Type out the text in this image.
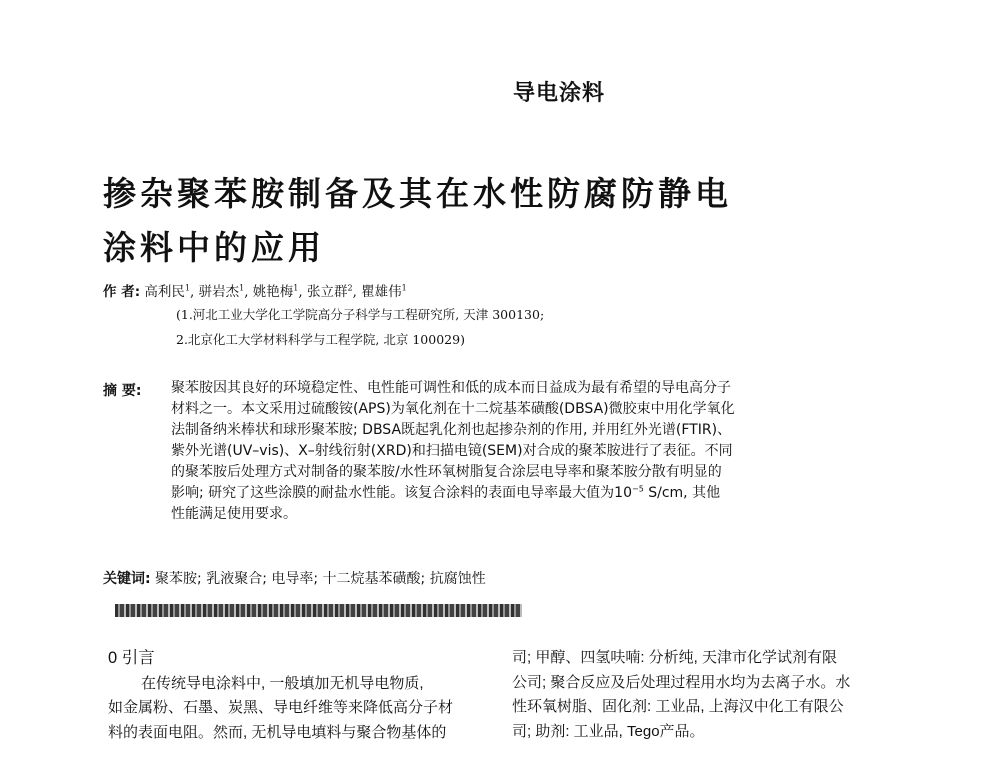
导电涂料
掺杂聚苯胺制备及其在水性防腐防静电
涂料中的应用
作 者: 高利民$^1$, 骈岩杰$^1$, 姚艳梅$^1$, 张立群$^2$, 瞿雄伟$^1$
(1.河北工业大学化工学院高分子科学与工程研究所, 天津 300130;
2.北京化工大学材料科学与工程学院, 北京 100029)
摘 要: 聚苯胺因其良好的环境稳定性、电性能可调性和低的成本而日益成为最有希望的导电高分子
材料之一。本文采用过硫酸铵(APS)为氧化剂在十二烷基苯磺酸(DBSA)微胶束中用化学氧化
法制备纳米棒状和球形聚苯胺; DBSA既起乳化剂也起掺杂剂的作用, 并用红外光谱(FTIR)、
紫外光谱(UV–vis)、X–射线衍射(XRD)和扫描电镜(SEM)对合成的聚苯胺进行了表征。不同
的聚苯胺后处理方式对制备的聚苯胺/水性环氧树脂复合涂层电导率和聚苯胺分散有明显的
影响; 研究了这些涂膜的耐盐水性能。该复合涂料的表面电导率最大值为$10^{-5}$ S/cm, 其他
性能满足使用要求。
关键词: 聚苯胺; 乳液聚合; 电导率; 十二烷基苯磺酸; 抗腐蚀性
0 引言
在传统导电涂料中, 一般填加无机导电物质,
如金属粉、石墨、炭黑、导电纤维等来降低高分子材
料的表面电阻。然而, 无机导电填料与聚合物基体的
司; 甲醇、四氢呋喃: 分析纯, 天津市化学试剂有限
公司; 聚合反应及后处理过程用水均为去离子水。水
性环氧树脂、固化剂: 工业品, 上海汉中化工有限公
司; 助剂: 工业品, Tego产品。
